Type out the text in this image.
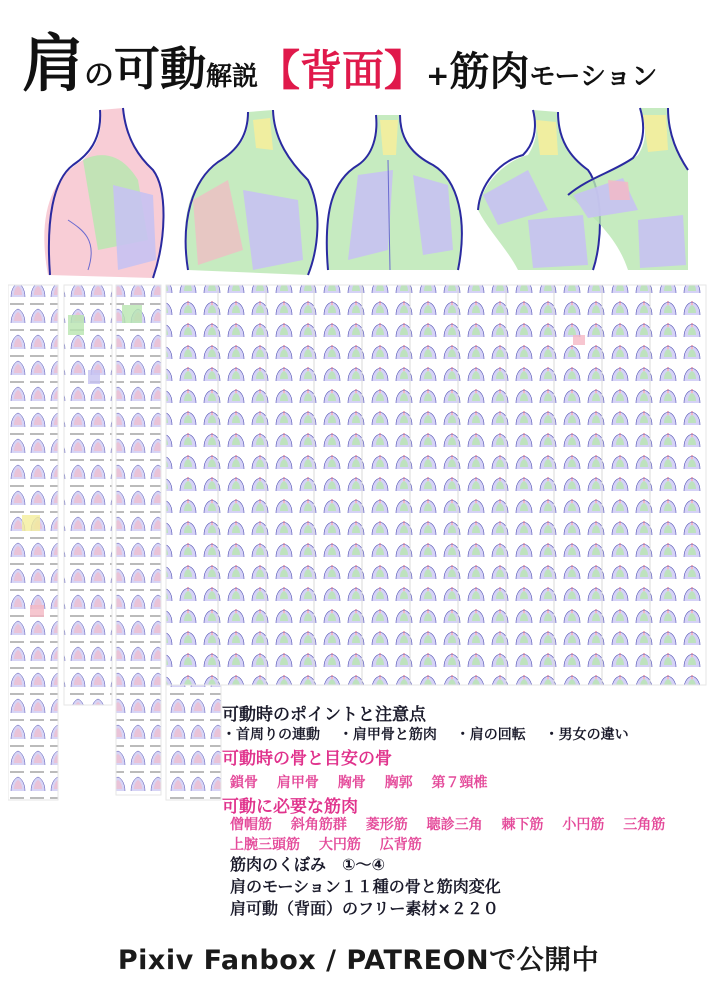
肩の可動解説【背面】+筋肉モーション
可動時のポイントと注意点
・首周りの連動 ・肩甲骨と筋肉 ・肩の回転 ・男女の違い
可動時の骨と目安の骨
鎖骨 肩甲骨 胸骨 胸郭 第７頸椎
可動に必要な筋肉
僧帽筋 斜角筋群 菱形筋 聴診三角 棘下筋 小円筋 三角筋
上腕三頭筋 大円筋 広背筋
筋肉のくぼみ　①～④
肩のモーション１１種の骨と筋肉変化
肩可動（背面）のフリー素材×２２０
Pixiv Fanbox / PATREONで公開中
